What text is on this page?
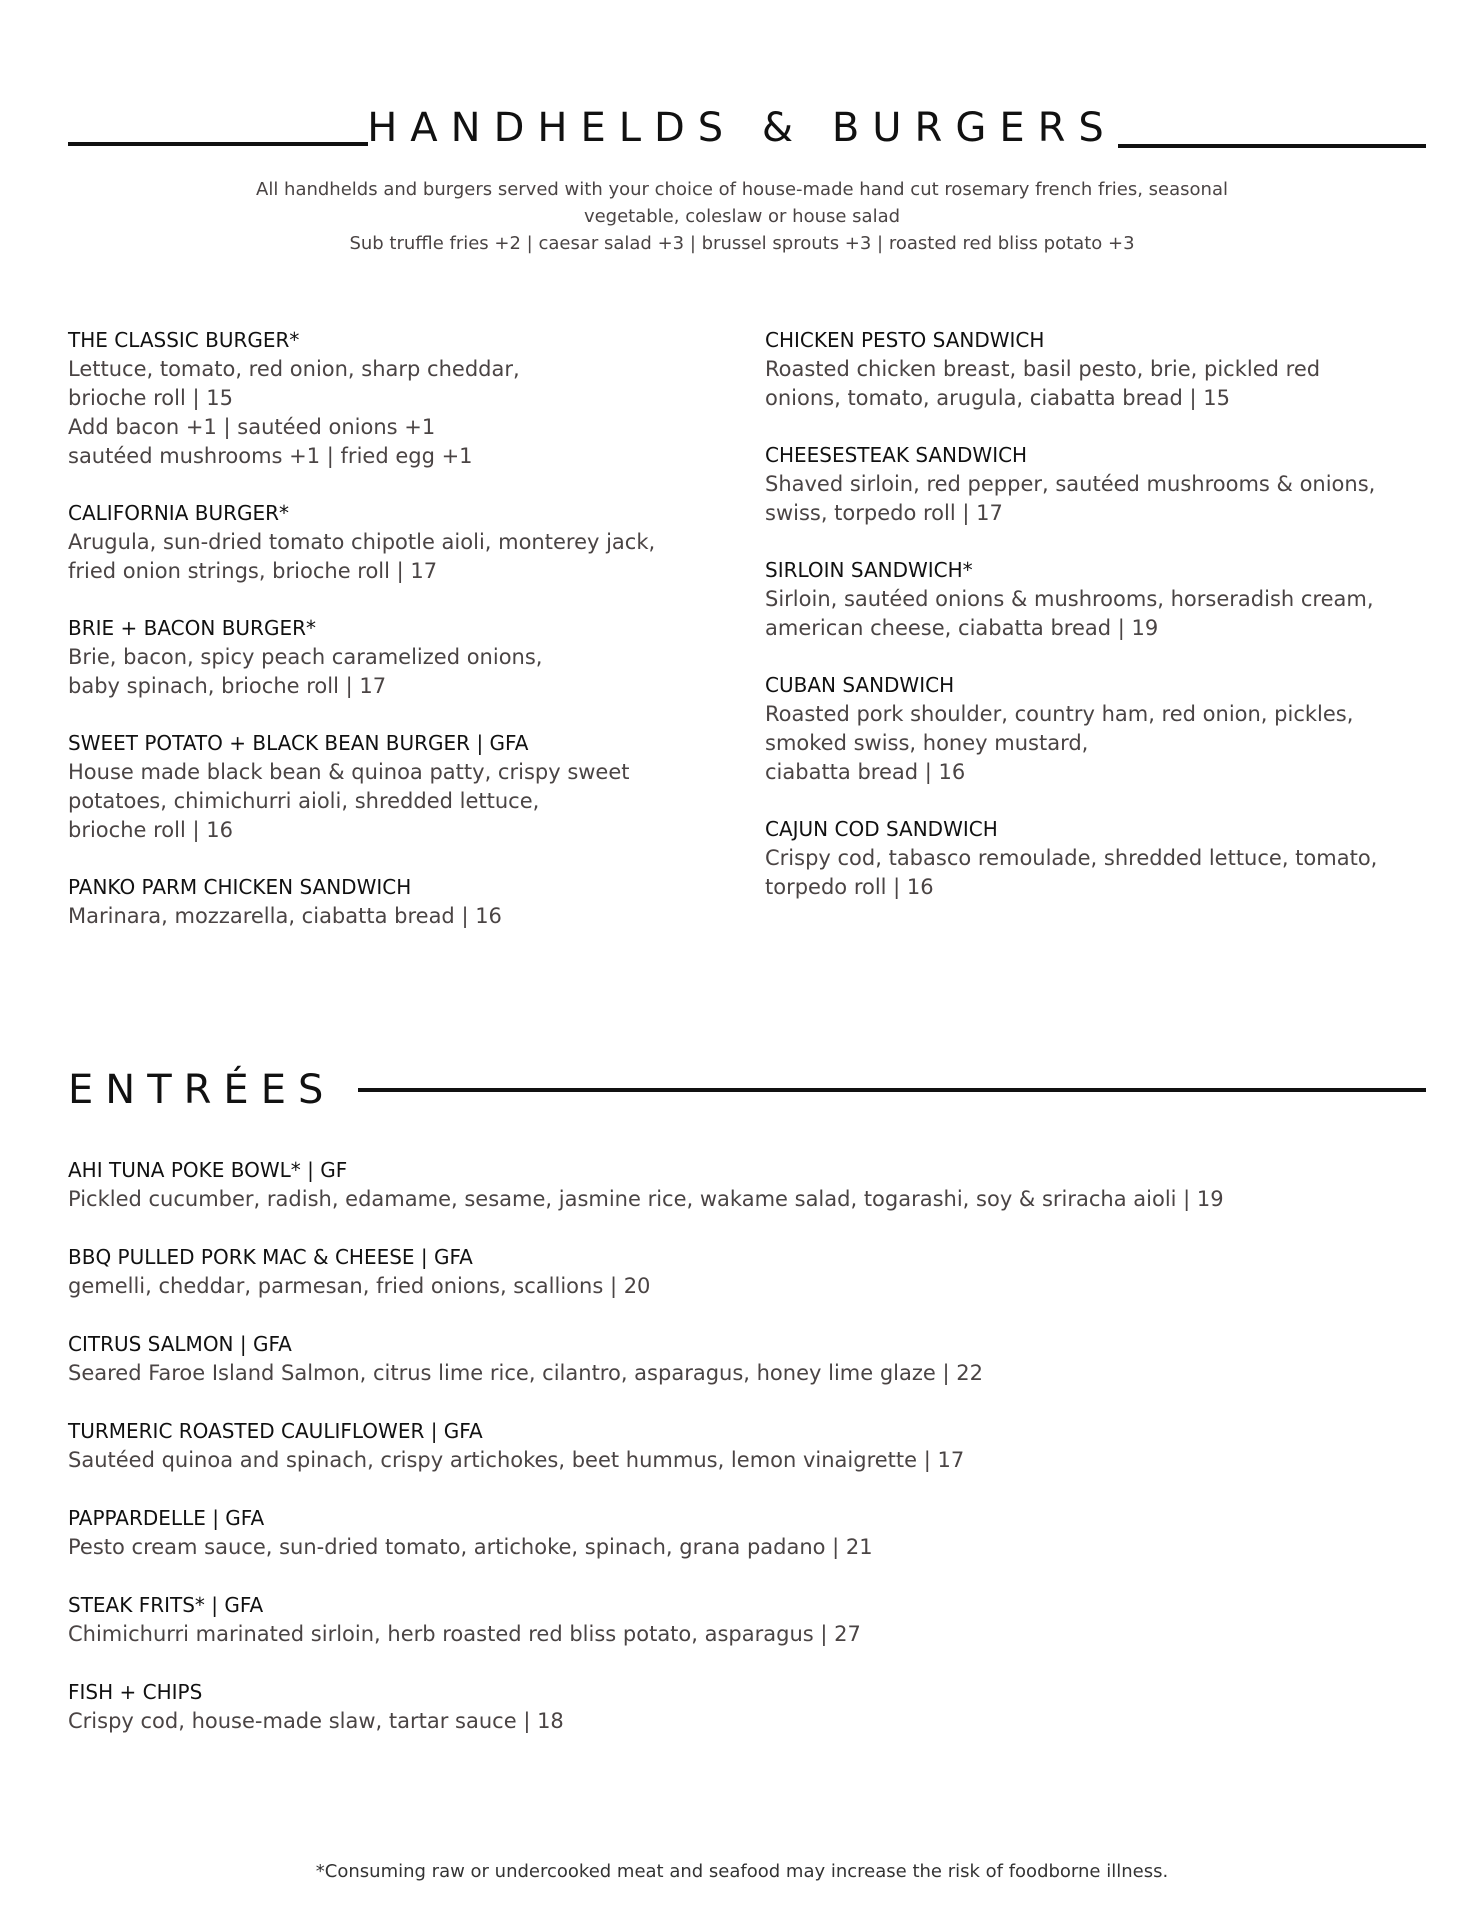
HANDHELDS & BURGERS
All handhelds and burgers served with your choice of house-made hand cut rosemary french fries, seasonal
vegetable, coleslaw or house salad
Sub truffle fries +2 | caesar salad +3 | brussel sprouts +3 | roasted red bliss potato +3
THE CLASSIC BURGER*
Lettuce, tomato, red onion, sharp cheddar,
brioche roll | 15
Add bacon +1 | sautéed onions +1
sautéed mushrooms +1 | fried egg +1
CALIFORNIA BURGER*
Arugula, sun-dried tomato chipotle aioli, monterey jack,
fried onion strings, brioche roll | 17
BRIE + BACON BURGER*
Brie, bacon, spicy peach caramelized onions,
baby spinach, brioche roll | 17
SWEET POTATO + BLACK BEAN BURGER | GFA
House made black bean & quinoa patty, crispy sweet
potatoes, chimichurri aioli, shredded lettuce,
brioche roll | 16
PANKO PARM CHICKEN SANDWICH
Marinara, mozzarella, ciabatta bread | 16
CHICKEN PESTO SANDWICH
Roasted chicken breast, basil pesto, brie, pickled red
onions, tomato, arugula, ciabatta bread | 15
CHEESESTEAK SANDWICH
Shaved sirloin, red pepper, sautéed mushrooms & onions,
swiss, torpedo roll | 17
SIRLOIN SANDWICH*
Sirloin, sautéed onions & mushrooms, horseradish cream,
american cheese, ciabatta bread | 19
CUBAN SANDWICH
Roasted pork shoulder, country ham, red onion, pickles,
smoked swiss, honey mustard,
ciabatta bread | 16
CAJUN COD SANDWICH
Crispy cod, tabasco remoulade, shredded lettuce, tomato,
torpedo roll | 16
ENTRÉES
AHI TUNA POKE BOWL* | GF
Pickled cucumber, radish, edamame, sesame, jasmine rice, wakame salad, togarashi, soy & sriracha aioli | 19
BBQ PULLED PORK MAC & CHEESE | GFA
gemelli, cheddar, parmesan, fried onions, scallions | 20
CITRUS SALMON | GFA
Seared Faroe Island Salmon, citrus lime rice, cilantro, asparagus, honey lime glaze | 22
TURMERIC ROASTED CAULIFLOWER | GFA
Sautéed quinoa and spinach, crispy artichokes, beet hummus, lemon vinaigrette | 17
PAPPARDELLE | GFA
Pesto cream sauce, sun-dried tomato, artichoke, spinach, grana padano | 21
STEAK FRITS* | GFA
Chimichurri marinated sirloin, herb roasted red bliss potato, asparagus | 27
FISH + CHIPS
Crispy cod, house-made slaw, tartar sauce | 18
*Consuming raw or undercooked meat and seafood may increase the risk of foodborne illness.
